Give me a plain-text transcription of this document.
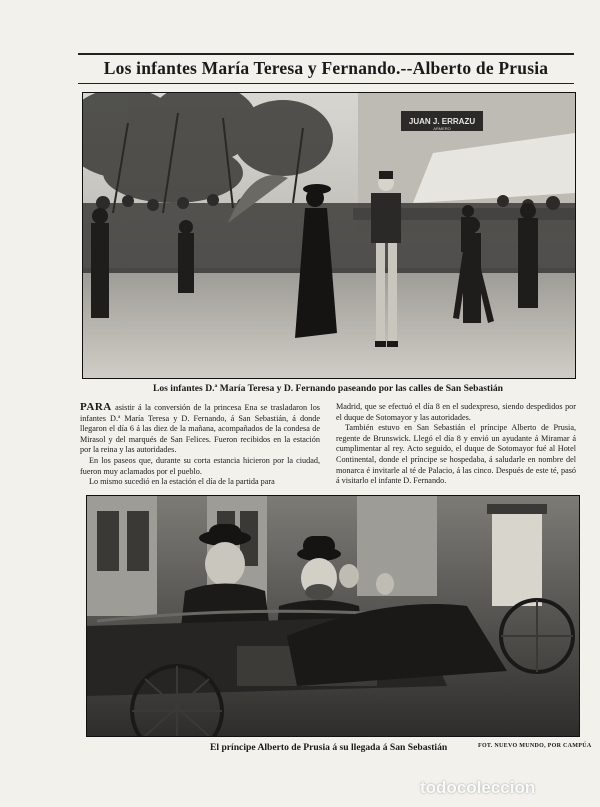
Los infantes María Teresa y Fernando.--Alberto de Prusia
JUAN J. ERRAZU
ARMERO
Los infantes D.ª María Teresa y D. Fernando paseando por las calles de San Sebastián

PARA asistir á la conversión de la princesa Ena se trasladaron los infantes D.ª María Teresa y D. Fernando, á San Sebastián, á donde llegaron el día 6 á las diez de la mañana, acompañados de la condesa de Mirasol y del marqués de San Felices. Fueron recibidos en la estación por la reina y las autoridades.

En los paseos que, durante su corta estancia hicieron por la ciudad, fueron muy aclamados por el pueblo.

Lo mismo sucedió en la estación el día de la partida para

Madrid, que se efectuó el día 8 en el sudexpreso, siendo despedidos por el duque de Sotomayor y las autoridades.

También estuvo en San Sebastián el príncipe Alberto de Prusia, regente de Brunswick. Llegó el día 8 y envió un ayudante á Miramar á cumplimentar al rey. Acto seguido, el duque de Sotomayor fué al Hotel Continental, donde el príncipe se hospedaba, á saludarle en nombre del monarca é invitarle al té de Palacio, á las cinco. Después de este té, pasó á visitarlo el infante D. Fernando.

El príncipe Alberto de Prusia á su llegada á San Sebastián	FOT. NUEVO MUNDO, POR CAMPÚA
todocoleccion
